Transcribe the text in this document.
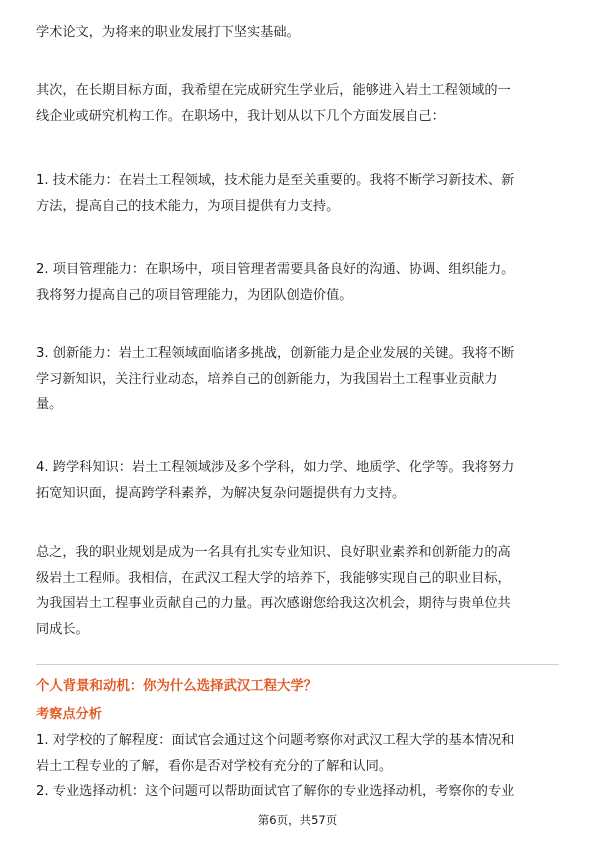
学术论文，为将来的职业发展打下坚实基础。

其次，在长期目标方面，我希望在完成研究生学业后，能够进入岩土工程领域的一
线企业或研究机构工作。在职场中，我计划从以下几个方面发展自己：

1. 技术能力：在岩土工程领域，技术能力是至关重要的。我将不断学习新技术、新
方法，提高自己的技术能力，为项目提供有力支持。

2. 项目管理能力：在职场中，项目管理者需要具备良好的沟通、协调、组织能力。
我将努力提高自己的项目管理能力，为团队创造价值。

3. 创新能力：岩土工程领域面临诸多挑战，创新能力是企业发展的关键。我将不断
学习新知识，关注行业动态，培养自己的创新能力，为我国岩土工程事业贡献力
量。

4. 跨学科知识：岩土工程领域涉及多个学科，如力学、地质学、化学等。我将努力
拓宽知识面，提高跨学科素养，为解决复杂问题提供有力支持。

总之，我的职业规划是成为一名具有扎实专业知识、良好职业素养和创新能力的高
级岩土工程师。我相信，在武汉工程大学的培养下，我能够实现自己的职业目标，
为我国岩土工程事业贡献自己的力量。再次感谢您给我这次机会，期待与贵单位共
同成长。

个人背景和动机：你为什么选择武汉工程大学？

考察点分析

1. 对学校的了解程度：面试官会通过这个问题考察你对武汉工程大学的基本情况和
岩土工程专业的了解，看你是否对学校有充分的了解和认同。
2. 专业选择动机：这个问题可以帮助面试官了解你的专业选择动机，考察你的专业

第6页，共57页
